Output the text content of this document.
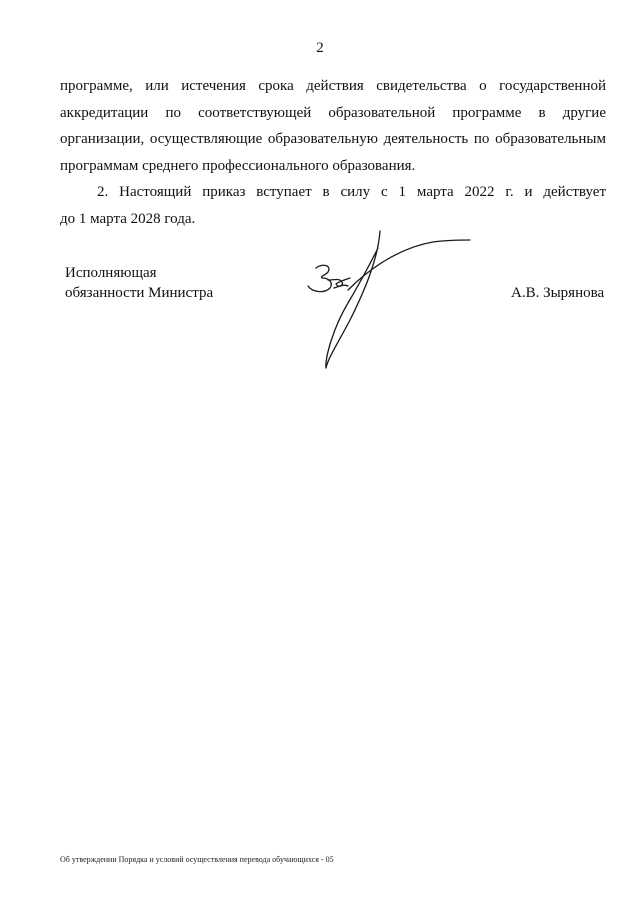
2

программе, или истечения срока действия свидетельства о государственной
аккредитации по соответствующей образовательной программе в другие
организации, осуществляющие образовательную деятельность по образовательным
программам среднего профессионального образования.

2. Настоящий приказ вступает в силу с 1 марта 2022 г. и действует
до 1 марта 2028 года.

Исполняющая
обязанности Министра	А.В. Зырянова
Об утверждении Порядка и условий осуществления перевода обучающихся - 05
